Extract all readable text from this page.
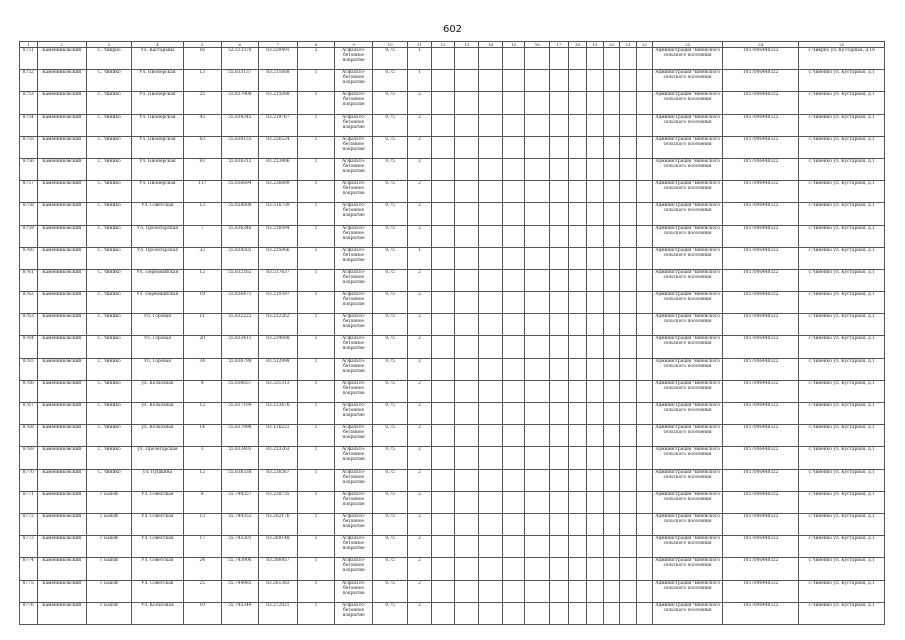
602
1	2	3	4	5	6	7	8	9	10	11	12	13	14	15	16	17	18	19	20	21	22	23	24	25
8751	Каменниковский	С. Чикрпо	Ул. Кастараны	16	53.513378	83.530491	2	Асфальто-бетонное покрытие	0.75	1												Администрация Чиненского сельского поселения	1057006448322	с.Чикрпо ул. Кустарная, д.18
8752	Каменниковский	С. Чинико	Ул. Пионерская	13	55.833137	83.211668	1	Асфальто-бетонное покрытие	0.75	1												Администрация Чиненского сельского поселения	1057006448322	с.Чиненко ул. Кустарная, д.1
8753	Каменниковский	С. Чинико	Ул. Пионерская	25	55.837908	83.215088	1	Асфальто-бетонное покрытие	0.75	2												Администрация Чиненского сельского поселения	1057006448322	с.Чиненко ул. Кустарная, д.1
8754	Каменниковский	С. Чинико	Ул. Пионерская	43	55.839245	83.219767	1	Асфальто-бетонное покрытие	0.75	2												Администрация Чиненского сельского поселения	1057006448322	с.Чиненко ул. Кустарная, д.1
8755	Каменниковский	С. Чинико	Ул. Пионерская	63	55.838155	83.226524	1	Асфальто-бетонное покрытие	0.75	2												Администрация Чиненского сельского поселения	1057006448322	с.Чиненко ул. Кустарная, д.1
8756	Каменниковский	С. Чинико	Ул. Пионерская	93	55.838312	83.223406	1	Асфальто-бетонное покрытие	0.75	2												Администрация Чиненского сельского поселения	1057006448322	с.Чиненко ул. Кустарная, д.1
8757	Каменниковский	С. Чинико	Ул. Пионерская	117	55.836694	83.236609	1	Асфальто-бетонное покрытие	0.75	2												Администрация Чиненского сельского поселения	1057006448322	с.Чиненко ул. Кустарная, д.1
8758	Каменниковский	С. Чинико	Ул. Советская	13	55.828006	83.516739	1	Асфальто-бетонное покрытие	0.75	2												Администрация Чиненского сельского поселения	1057006448322	с.Чиненко ул. Кустарная, д.1
8759	Каменниковский	С. Чинико	Ул. Пролетарская	7	55.836346	83.216094	1	Асфальто-бетонное покрытие	0.75	2												Администрация Чиненского сельского поселения	1057006448322	с.Чиненко ул. Кустарная, д.1
8760	Каменниковский	С. Чинико	Ул. Пролетарская	32	55.834502	83.235066	1	Асфальто-бетонное покрытие	0.75	1												Администрация Чиненского сельского поселения	1057006448322	с.Чиненко ул. Кустарная, д.1
8761	Каменниковский	С. Чинико	Ул. Первомайская	12	55.832162	83.517637	1	Асфальто-бетонное покрытие	0.75	2												Администрация Чиненского сельского поселения	1057006448322	с.Чиненко ул. Кустарная, д.1
8762	Каменниковский	С. Чинико	Ул. Первомайская	19	55.836471	83.210397	1	Асфальто-бетонное покрытие	0.75	2												Администрация Чиненского сельского поселения	1057006448322	с.Чиненко ул. Кустарная, д.1
8763	Каменниковский	С. Чинико	Ул. Горовая	11	55.832222	83.232262	1	Асфальто-бетонное покрытие	0.75	2												Администрация Чиненского сельского поселения	1057006448322	с.Чиненко ул. Кустарная, д.1
8764	Каменниковский	С. Чинико	Ул. Горовая	20	55.833411	83.234088	1	Асфальто-бетонное покрытие	0.75	2												Администрация Чиненского сельского поселения	1057006448322	с.Чиненко ул. Кустарная, д.1
8765	Каменниковский	С. Чинико	Ул. Горовая	34	55.836798	83.512999	1	Асфальто-бетонное покрытие	0.75	2												Администрация Чиненского сельского поселения	1057006448322	с.Чиненко ул. Кустарная, д.1
8766	Каменниковский	С. Чинико	ул. Колхозная	4	55.836657	83.531313	1	Асфальто-бетонное покрытие	0.75	2												Администрация Чиненского сельского поселения	1057006448322	с.Чиненко ул. Кустарная, д.1
8767	Каменниковский	С. Чинико	ул. Колхозная	12	55.817199	83.123676	1	Асфальто-бетонное покрытие	0.75	2												Администрация Чиненского сельского поселения	1057006448322	с.Чиненко ул. Кустарная, д.1
8768	Каменниковский	С. Чинико	ул. Колхозная	14	55.837998	83.126221	1	Асфальто-бетонное покрытие	0.75	2												Администрация Чиненского сельского поселения	1057006448322	с.Чиненко ул. Кустарная, д.1
8769	Каменниковский	С. Чинико	ул. Пролетарская	3	55.833403	83.233263	1	Асфальто-бетонное покрытие	0.75	2												Администрация Чиненского сельского поселения	1057006448322	с.Чиненко ул. Кустарная, д.1
8770	Каменниковский	С. Чинико	ул. Пушкина	12	55.838338	83.236567	1	Асфальто-бетонное покрытие	0.75	2												Администрация Чиненского сельского поселения	1057006448322	с.Чиненко ул. Кустарная, д.1
8771	Каменниковский	с Бакой	Ул. Советская	8	55.744357	83.238735	1	Асфальто-бетонное покрытие	0.75	2												Администрация Чиненского сельского поселения	1057006448322	с.Чиненко ул. Кустарная, д.1
8772	Каменниковский	с Бакой	Ул. Советская	13	55.744352	83.262176	1	Асфальто-бетонное покрытие	0.75	2												Администрация Чиненского сельского поселения	1057006448322	с.Чиненко ул. Кустарная, д.1
8773	Каменниковский	с Бакой	Ул. Советская	17	55.743301	83.260148	1	Асфальто-бетонное покрытие	0.75	2												Администрация Чиненского сельского поселения	1057006448322	с.Чиненко ул. Кустарная, д.1
8774	Каменниковский	с Бакой	Ул. Советская	24	55.743906	83.266457	1	Асфальто-бетонное покрытие	0.75	2												Администрация Чиненского сельского поселения	1057006448322	с.Чиненко ул. Кустарная, д.1
8775	Каменниковский	с Бакой	Ул. Советская	25	55.744985	83.261383	1	Асфальто-бетонное покрытие	0.75	2												Администрация Чиненского сельского поселения	1057006448322	с.Чиненко ул. Кустарная, д.1
8776	Каменниковский	с Бакой	Ул. Колхозная	10	55.745349	83.272021	1	Асфальто-бетонное покрытие	0.75	2												Администрация Чиненского сельского поселения	1057006448322	с.Чиненко ул. Кустарная, д.1
